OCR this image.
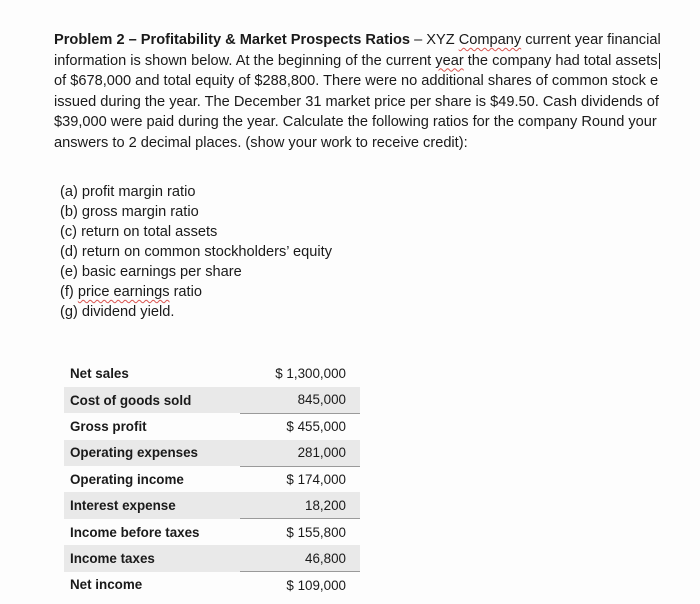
Problem 2 – Profitability & Market Prospects Ratios – XYZ Company current year financial

information is shown below. At the beginning of the current year the company had total assets

of $678,000 and total equity of $288,800. There were no additional shares of common stock e

issued during the year. The December 31 market price per share is $49.50. Cash dividends of

$39,000 were paid during the year. Calculate the following ratios for the company Round your

answers to 2 decimal places. (show your work to receive credit):

(a) profit margin ratio
(b) gross margin ratio
(c) return on total assets
(d) return on common stockholders’ equity
(e) basic earnings per share
(f) price earnings ratio
(g) dividend yield.
Net sales	$ 1,300,000
Cost of goods sold	845,000
Gross profit	$ 455,000
Operating expenses	281,000
Operating income	$ 174,000
Interest expense	18,200
Income before taxes	$ 155,800
Income taxes	46,800
Net income	$ 109,000
